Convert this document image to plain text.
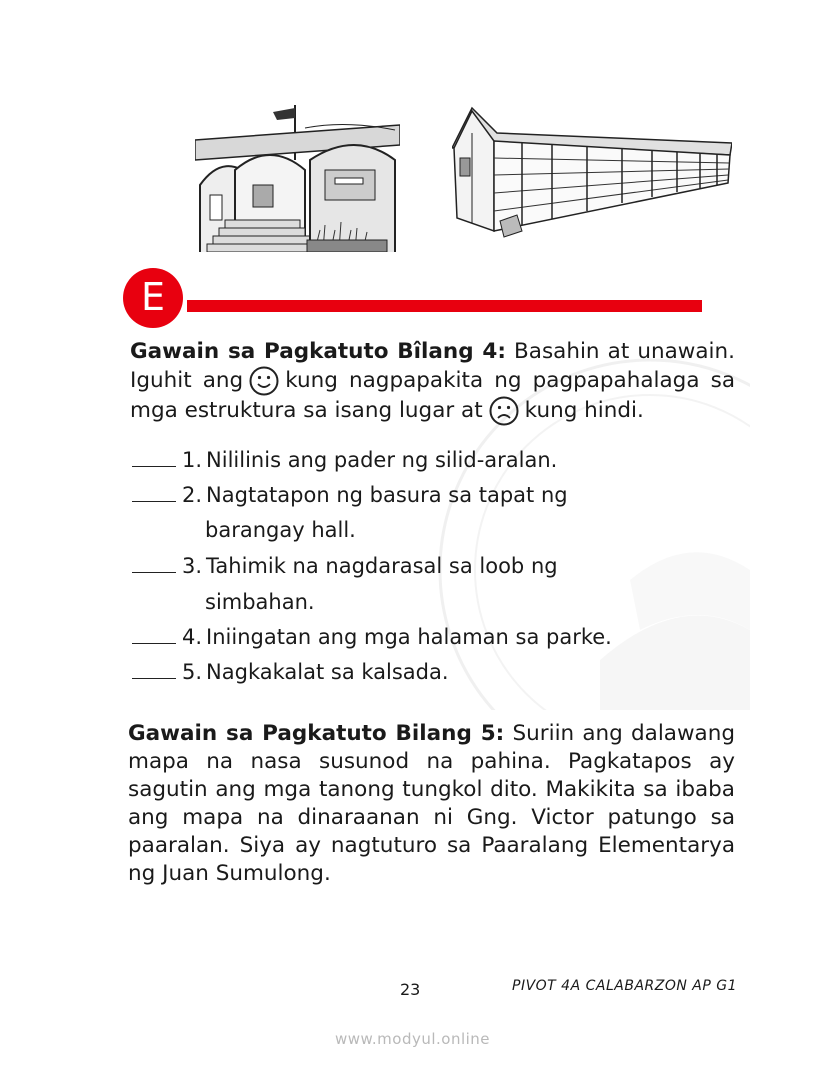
E
Gawain sa Pagkatuto Bîlang 4: Basahin at unawain. Iguhit ang kung nagpapakita ng pagpapahalaga sa mga estruktura sa isang lugar at kung hindi.
1. Nililinis ang pader ng silid-aralan.
2. Nagtatapon ng basura sa tapat ng
barangay hall.
3. Tahimik na nagdarasal sa loob ng
simbahan.
4. Iniingatan ang mga halaman sa parke.
5. Nagkakalat sa kalsada.
Gawain sa Pagkatuto Bilang 5: Suriin ang dalawang mapa na nasa susunod na pahina. Pagkatapos ay sagutin ang mga tanong tungkol dito. Makikita sa ibaba ang mapa na dinaraanan ni Gng. Victor patungo sa paaralan. Siya ay nagtuturo sa Paaralang Elementarya ng Juan Sumulong.
23	PIVOT 4A CALABARZON AP G1
www.modyul.online
